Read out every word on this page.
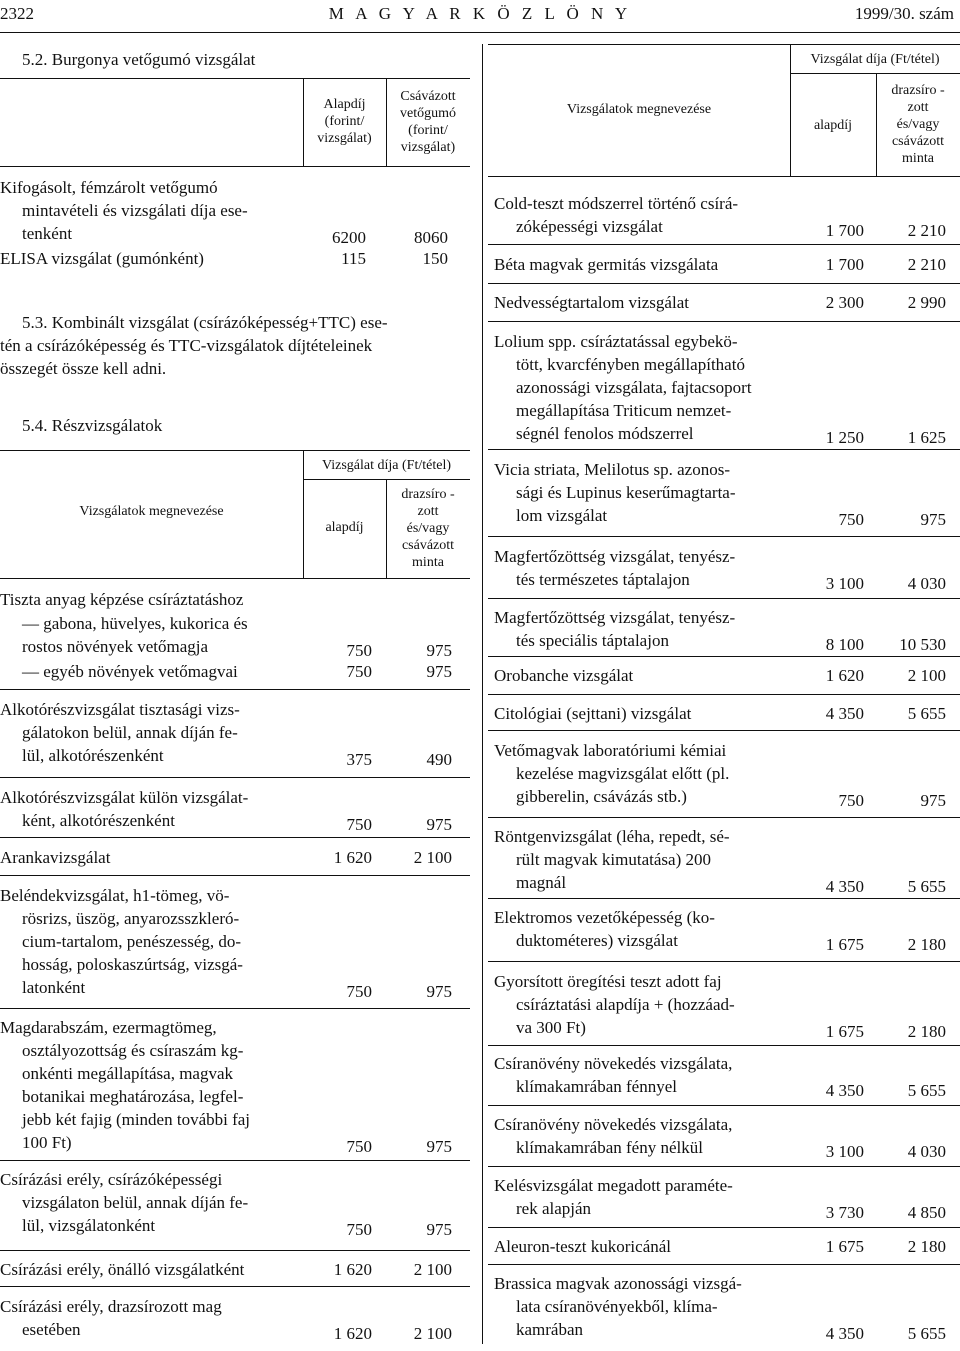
2322	M A G Y A R K Ö Z L Ö N Y	1999/30. szám
5.2. Burgonya vetőgumó vizsgálat
Alapdíj
(forint/
vizsgálat)
Csávázott
vetőgumó
(forint/
vizsgálat)
Kifogásolt, fémzárolt vetőgumó
mintavételi és vizsgálati díja ese-
tenként	6200	8060
ELISA vizsgálat (gumónként)	115	150
5.3. Kombinált vizsgálat (csírázóképesség+TTC) ese-
tén a csírázóképesség és TTC-vizsgálatok díjtételeinek
összegét össze kell adni.
5.4. Részvizsgálatok
Vizsgálatok megnevezése
Vizsgálat díja (Ft/tétel)
alapdíj
drazsíro -
zott
és/vagy
csávázott
minta
Tiszta anyag képzése csíráztatáshoz
— gabona, hüvelyes, kukorica és
rostos növények vetőmagja	750	975
— egyéb növények vetőmagvai	750	975
Alkotórészvizsgálat tisztasági vizs-
gálatokon belül, annak díján fe-
lül, alkotórészenként	375	490
Alkotórészvizsgálat külön vizsgálat-
ként, alkotórészenként	750	975
Arankavizsgálat	1 620	2 100
Beléndekvizsgálat, h1-tömeg, vö-
rösrizs, üszög, anyarozsszkleró-
cium-tartalom, penészesség, do-
hosság, poloskaszúrtság, vizsgá-
latonként	750	975
Magdarabszám, ezermagtömeg,
osztályozottság és csíraszám kg-
onkénti megállapítása, magvak
botanikai meghatározása, legfel-
jebb két fajig (minden további faj
100 Ft)	750	975
Csírázási erély, csírázóképességi
vizsgálaton belül, annak díján fe-
lül, vizsgálatonként	750	975
Csírázási erély, önálló vizsgálatként	1 620	2 100
Csírázási erély, drazsírozott mag
esetében	1 620	2 100
Vizsgálatok megnevezése
Vizsgálat díja (Ft/tétel)
alapdíj
drazsíro -
zott
és/vagy
csávázott
minta
Cold-teszt módszerrel történő csírá-
zóképességi vizsgálat	1 700	2 210
Béta magvak germitás vizsgálata	1 700	2 210
Nedvességtartalom vizsgálat	2 300	2 990
Lolium spp. csíráztatással egybekö-
tött, kvarcfényben megállapítható
azonossági vizsgálata, fajtacsoport
megállapítása Triticum nemzet-
ségnél fenolos módszerrel	1 250	1 625
Vicia striata, Melilotus sp. azonos-
sági és Lupinus keserűmagtarta-
lom vizsgálat	750	975
Magfertőzöttség vizsgálat, tenyész-
tés természetes táptalajon	3 100	4 030
Magfertőzöttség vizsgálat, tenyész-
tés speciális táptalajon	8 100	10 530
Orobanche vizsgálat	1 620	2 100
Citológiai (sejttani) vizsgálat	4 350	5 655
Vetőmagvak laboratóriumi kémiai
kezelése magvizsgálat előtt (pl.
gibberelin, csávázás stb.)	750	975
Röntgenvizsgálat (léha, repedt, sé-
rült magvak kimutatása) 200
magnál	4 350	5 655
Elektromos vezetőképesség (ko-
duktométeres) vizsgálat	1 675	2 180
Gyorsított öregítési teszt adott faj
csíráztatási alapdíja + (hozzáad-
va 300 Ft)	1 675	2 180
Csíranövény növekedés vizsgálata,
klímakamrában fénnyel	4 350	5 655
Csíranövény növekedés vizsgálata,
klímakamrában fény nélkül	3 100	4 030
Kelésvizsgálat megadott paraméte-
rek alapján	3 730	4 850
Aleuron-teszt kukoricánál	1 675	2 180
Brassica magvak azonossági vizsgá-
lata csíranövényekből, klíma-
kamrában	4 350	5 655
